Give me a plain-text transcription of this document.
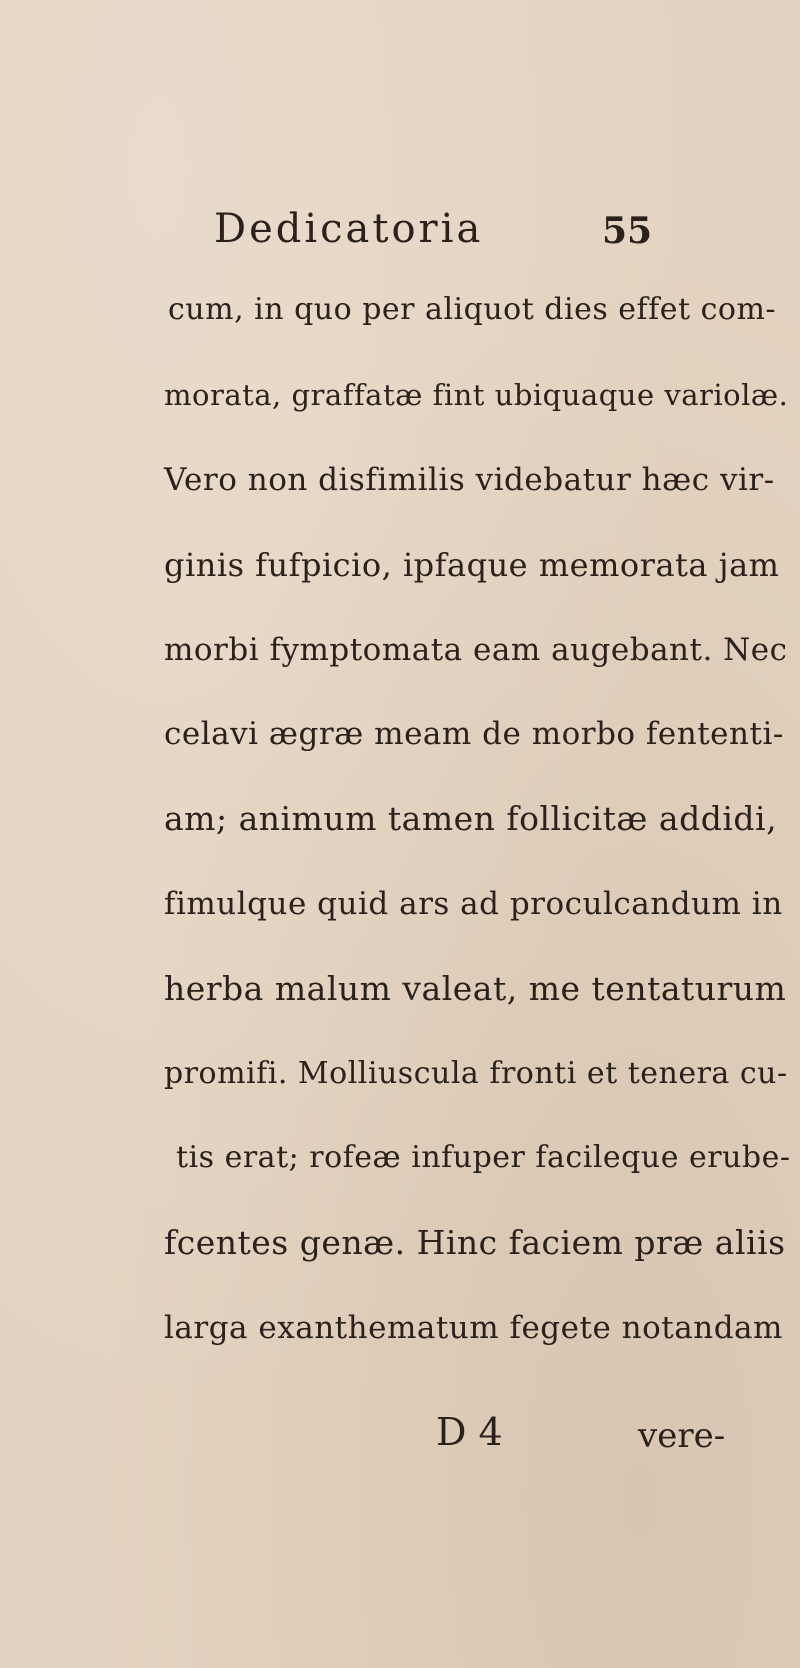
Dedicatoria	55
cum, in quo per aliquot dies effet com-
morata, graffatæ fint ubiquaque variolæ.
Vero non disfimilis videbatur hæc vir-
ginis fufpicio, ipfaque memorata jam
morbi fymptomata eam augebant. Nec
celavi ægræ meam de morbo fententi-
am; animum tamen follicitæ addidi,
fimulque quid ars ad proculcandum in
herba malum valeat, me tentaturum
promifi. Molliuscula fronti et tenera cu-
tis erat; rofeæ infuper facileque erube-
fcentes genæ. Hinc faciem præ aliis
larga exanthematum fegete notandam
D 4	vere-
